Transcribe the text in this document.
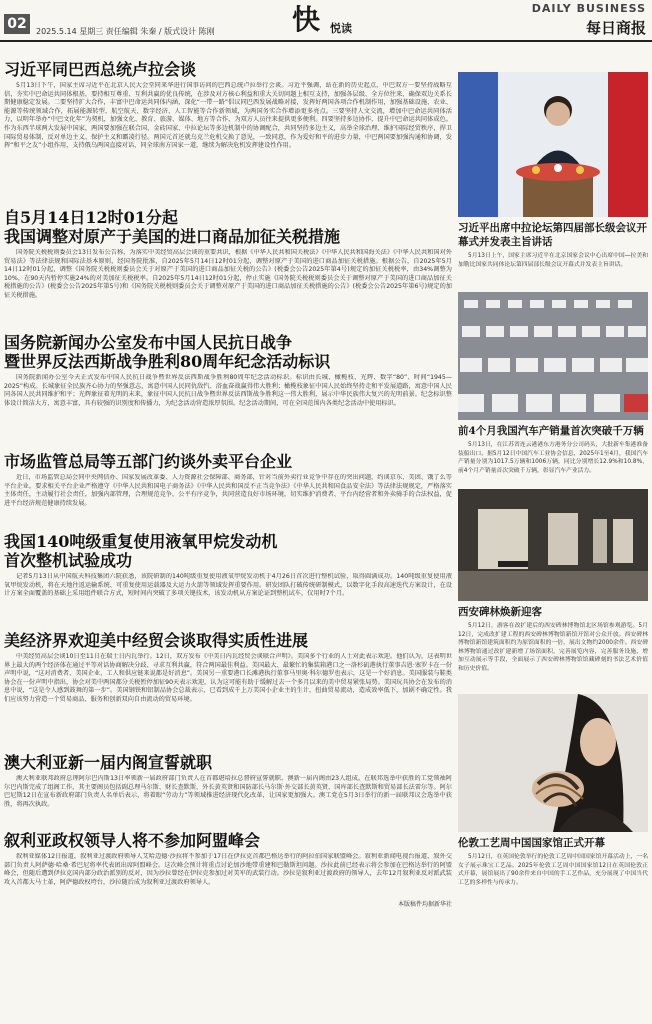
02	2025.5.14 星期三 责任编辑 朱秦 / 版式设计 陈刚	快 悦读
DAILY BUSINESS
每日商报
习近平同巴西总统卢拉会谈

5月13日下午，国家主席习近平在北京人民大会堂同来华进行国事访问的巴西总统卢拉举行会谈。习近平强调，站在新的历史起点，中巴双方一要坚持战略互信，夯实中巴命运共同体根基，要持相互尊重、互利共赢的优良传统，在涉及对方核心利益和重大关切问题上相互支持，加强各层级、全方位往来，确保双边关系长期健康稳定发展。二要坚持扩大合作，丰富中巴命运共同体内涵，深化“一带一路”倡议同巴西发展战略对接，发挥好两国各项合作机制作用，加强基础设施、农业、能源等传统领域合作，拓展能源转型、航空航天、数字经济、人工智能等合作新领域，为两国务实合作增添更多亮点。三要坚持人文交流，增加中巴命运共同体活力，以明年举办“中巴文化年”为契机，加强文化、教育、旅游、媒体、地方等合作，为双方人员往来提供更多便利。四要坚持多边协作，提升中巴命运共同体成色。作为东西半球两大发展中国家，两国要加强在联合国、金砖国家、中拉论坛等多边机制中的协调配合，共同坚持多边主义，高举全球治理、维护国际经贸秩序，捍卫国际贸易体制，反对单边主义、保护主义和霸凌行径。两国元首还就乌克兰危机交换了意见，一致同意，作为爱好和平的进步力量，中巴两国要加强沟通和协调，发挥“和平之友”小组作用，支持俄乌两国直接对话，同全球南方国家一道，继续为解决危机发挥建设性作用。

自5月14日12时01分起
我国调整对原产于美国的进口商品加征关税措施

国务院关税税则委员会13日发布公告称，为落实中美经贸高层会谈的重要共识，根据《中华人民共和国关税法》《中华人民共和国海关法》《中华人民共和国对外贸易法》等法律法规和国际法基本原则，经国务院批准，自2025年5月14日12时01分起，调整对原产于美国的进口商品加征关税措施。根据公告，自2025年5月14日12时01分起，调整《国务院关税税则委员会关于对原产于美国的进口商品加征关税的公告》(税委会公告2025年第4号)规定的加征关税税率，由34%调整为10%，在90天内暂停实施24%的对美加征关税税率。自2025年5月14日12时01分起，停止实施《国务院关税税则委员会关于调整对原产于美国的进口商品加征关税措施的公告》(税委会公告2025年第5号)和《国务院关税税则委员会关于调整对原产于美国的进口商品加征关税措施的公告》(税委会公告2025年第6号)规定的加征关税措施。

国务院新闻办公室发布中国人民抗日战争
暨世界反法西斯战争胜利80周年纪念活动标识

国务院新闻办公室今天正式发布中国人民抗日战争暨世界反法西斯战争胜利80周年纪念活动标识。标识由长城、橄榄枝、光辉、数字“80”、时间“1945—2025”构成。长城象征全民族齐心协力的坚强意志，寓意中国人民同仇敌忾、浴血奋战赢得伟大胜利；橄榄枝象征中国人民始终坚持走和平发展道路，寓意中国人民同各国人民共同维护和平；光辉象征着光明的未来，象征中国人民抗日战争暨世界反法西斯战争胜利这一伟大胜利，展示中华民族伟大复兴的光明前景。纪念标识整体设计简洁大方，寓意丰富，具有较强的识别度和传播力，为纪念活动营造浓厚氛围。纪念活动期间，可在全国范围内各类纪念活动中使用标识。

市场监管总局等五部门约谈外卖平台企业

近日，市场监管总局会同中央网信办、国家发展改革委、人力资源社会保障部、商务部，针对当前外卖行业竞争中存在的突出问题，约谈京东、美团、饿了么等平台企业。要求相关平台企业严格遵守《中华人民共和国电子商务法》《中华人民共和国反不正当竞争法》《中华人民共和国食品安全法》等法律法规规定，严格落实主体责任，主动履行社会责任，加强内部管理，合理规范竞争，公平有序竞争，共同营造良好市场环境，切实维护消费者、平台内经营者和外卖骑手的合法权益，促进平台经济规范健康持续发展。

我国140吨级重复使用液氧甲烷发动机
首次整机试验成功

记者5月13日从中国航天科技集团六院获悉，该院研制的140吨级重复使用液氧甲烷发动机于4月26日首次进行整机试验，取得圆满成功。140吨级重复使用液氧甲烷发动机，将在天地往返运输系统、可重复使用运载器及大运力火箭等领域发挥重要作用。研发团队打破传统研制模式，以数字化手段高速迭代方案设计，在设计方案全面覆盖的基础上采用组件联合方式，短时间内突破了多项关键技术，该发动机从方案论证到整机试车，仅用时7个月。

美经济界欢迎美中经贸会谈取得实质性进展

中美经贸高层会谈10日至11日在瑞士日内瓦举行。12日，双方发布《中美日内瓦经贸会谈联合声明》。美国多个行业的人士对此表示欢迎。他们认为，这表明世界上最大的两个经济体在通过平等对话协商解决分歧、寻求互利共赢，符合两国最佳利益。美国最大、最繁忙的集装箱港口之一洛杉矶港执行董事吉恩·塞罗卡在一份声明中说，“这对消费者、美国企业、工人和供应链来说都是好消息”。美国另一重要港口长滩港执行董事马里奥·科尔德罗也表示，这是一个好消息。美国服装与鞋类协会在一份声明中指出，协会对美中两国都分关税暂停加征90天表示欢迎，认为这可能有助于缓解过去一个多月以来的美中贸易紧张局势。美国玩具协会在发布的消息中说，“这是令人感到鼓舞的第一步”。美国钢铁和铝制品协会总裁表示，已看到成千上万美国小企业主的生计，扭曲贸易流动，造成效率低下，加剧不确定性。我们应该努力营造一个贸易商品、服务和创新双向自由流动的贸易环境。

澳大利亚新一届内阁宣誓就职

澳大利亚联邦政府总理阿尔巴内斯13日率领新一届政府部门负责人在首都堪培拉总督府宣誓就职。澳新一届内阁由23人组成。在联邦选举中获胜的工党领袖阿尔巴内斯完成了组阁工作，其主要阁员包括副总理马尔斯、财长查默斯、外长黄英贤和国防部长马尔斯·外交部长黄英贤、国库部长查默斯和贸易部长法雷尔等。阿尔巴尼斯12日在宣布新政府部门负责人名单后表示，将着眼“劳动力”等领域推进经济现代化改革，让国家更加强大。澳工党在5月3日举行的新一届联邦议会选举中获胜，将再次执政。

叙利亚政权领导人将不参加阿盟峰会

叙利亚媒体12日报道，叙利亚过渡政府领导人艾哈迈德·沙拉将不参加于17日在伊拉克首都巴格达举行的阿拉伯国家联盟峰会。叙利亚新闻电视台报道，叙外交部门负责人阿萨德·哈桑·希巴尼将率代表团出席阿盟峰会。这次峰会预计将重点讨论加沙地带重建和巴勒斯坦问题。沙拉此前已经表示将会参加在巴格达举行的阿盟峰会，但随后遭到伊拉克国内部分政治派别的反对，因为沙拉曾经在伊拉克参加过对美军的武装行动。沙拉是叙利亚过渡政府的领导人，去年12月叙利亚反对派武装攻入首都大马士革，阿萨德政权垮台，沙拉随后成为叙利亚过渡政府领导人。

本版稿件均据新华社
习近平出席中拉论坛第四届部长级会议开幕式并发表主旨讲话

5月13日上午，国家主席习近平在北京国家会议中心出席中国—拉美和加勒比国家共同体论坛第四届部长级会议开幕式并发表主旨讲话。

前4个月我国汽车产销量首次突破千万辆

5月13日，在江苏省连云港港东方港务分公司码头，大批新车集港准备装船出口。据5月12日中国汽车工业协会信息，2025年1至4月，我国汽车产销量分别为1017.5万辆和1006万辆，同比分别增长12.9%和10.8%，前4个月产销量首次突破千万辆，彰显汽车产业活力。

西安碑林焕新迎客

5月12日，游客在改扩建后的西安碑林博物馆北区场馆参观游览。5月12日，完成改扩建工程的西安碑林博物馆新馆开馆对公众开放。西安碑林博物馆新馆建筑面积约为原馆面积的一倍，展出文物约2000余件。西安碑林博物馆通过改扩建新增了场馆面积，完善展览内容，完善服务设施、增加互动展示等手段，全面展示了西安碑林博物馆馆藏碑刻的书法艺术价值和历史价值。

伦敦工艺周中国国家馆正式开幕

5月12日，在英国伦敦举行的伦敦工艺周中国国家馆开幕活动上，一名女子展示珠宝工艺品。2025年伦敦工艺周中国国家馆12日在英国伦敦正式开幕，展馆展出了90余件来自中国的手工艺作品，充分展现了中国当代工艺的多样性与传承力。
